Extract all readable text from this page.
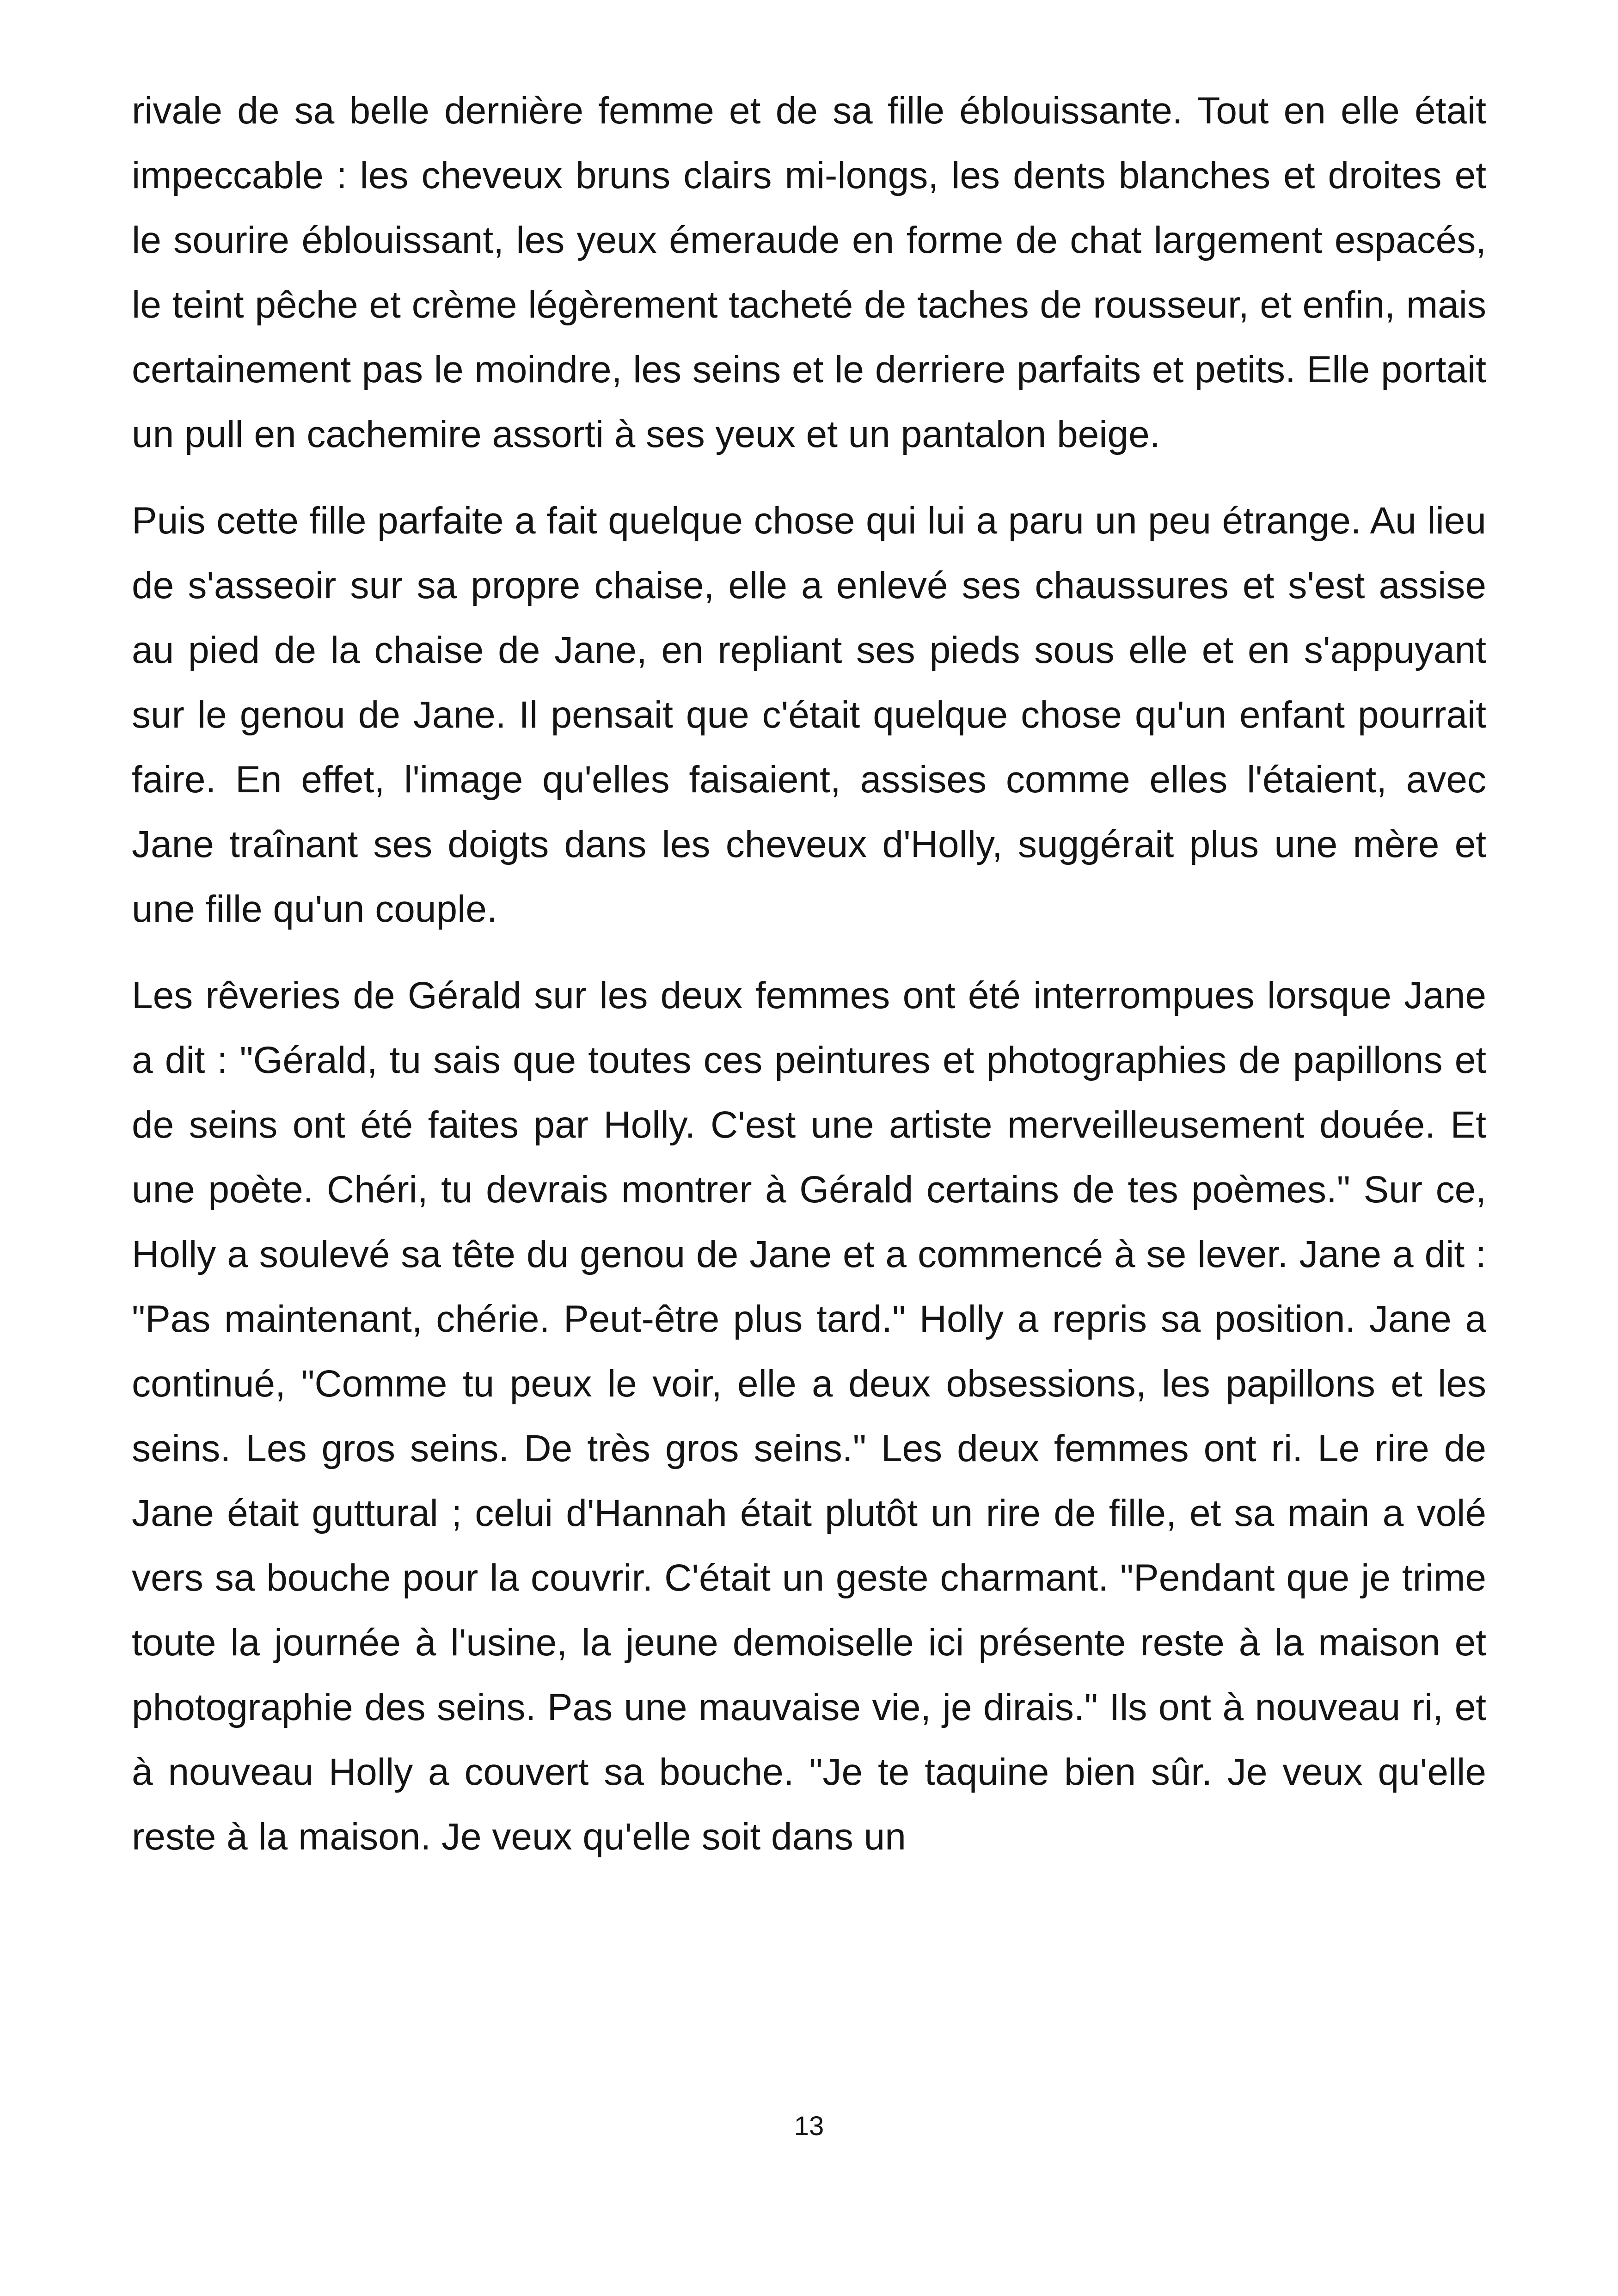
rivale de sa belle dernière femme et de sa fille éblouissante. Tout en elle était impeccable : les cheveux bruns clairs mi-longs, les dents blanches et droites et le sourire éblouissant, les yeux émeraude en forme de chat largement espacés, le teint pêche et crème légèrement tacheté de taches de rousseur, et enfin, mais certainement pas le moindre, les seins et le derriere parfaits et petits. Elle portait un pull en cachemire assorti à ses yeux et un pantalon beige.

Puis cette fille parfaite a fait quelque chose qui lui a paru un peu étrange. Au lieu de s'asseoir sur sa propre chaise, elle a enlevé ses chaussures et s'est assise au pied de la chaise de Jane, en repliant ses pieds sous elle et en s'appuyant sur le genou de Jane. Il pensait que c'était quelque chose qu'un enfant pourrait faire. En effet, l'image qu'elles faisaient, assises comme elles l'étaient, avec Jane traînant ses doigts dans les cheveux d'Holly, suggérait plus une mère et une fille qu'un couple.

Les rêveries de Gérald sur les deux femmes ont été interrompues lorsque Jane a dit : "Gérald, tu sais que toutes ces peintures et photographies de papillons et de seins ont été faites par Holly. C'est une artiste merveilleusement douée. Et une poète. Chéri, tu devrais montrer à Gérald certains de tes poèmes." Sur ce, Holly a soulevé sa tête du genou de Jane et a commencé à se lever. Jane a dit : "Pas maintenant, chérie. Peut-être plus tard." Holly a repris sa position. Jane a continué, "Comme tu peux le voir, elle a deux obsessions, les papillons et les seins. Les gros seins. De très gros seins." Les deux femmes ont ri. Le rire de Jane était guttural ; celui d'Hannah était plutôt un rire de fille, et sa main a volé vers sa bouche pour la couvrir. C'était un geste charmant. "Pendant que je trime toute la journée à l'usine, la jeune demoiselle ici présente reste à la maison et photographie des seins. Pas une mauvaise vie, je dirais." Ils ont à nouveau ri, et à nouveau Holly a couvert sa bouche. "Je te taquine bien sûr. Je veux qu'elle reste à la maison. Je veux qu'elle soit dans un

13
